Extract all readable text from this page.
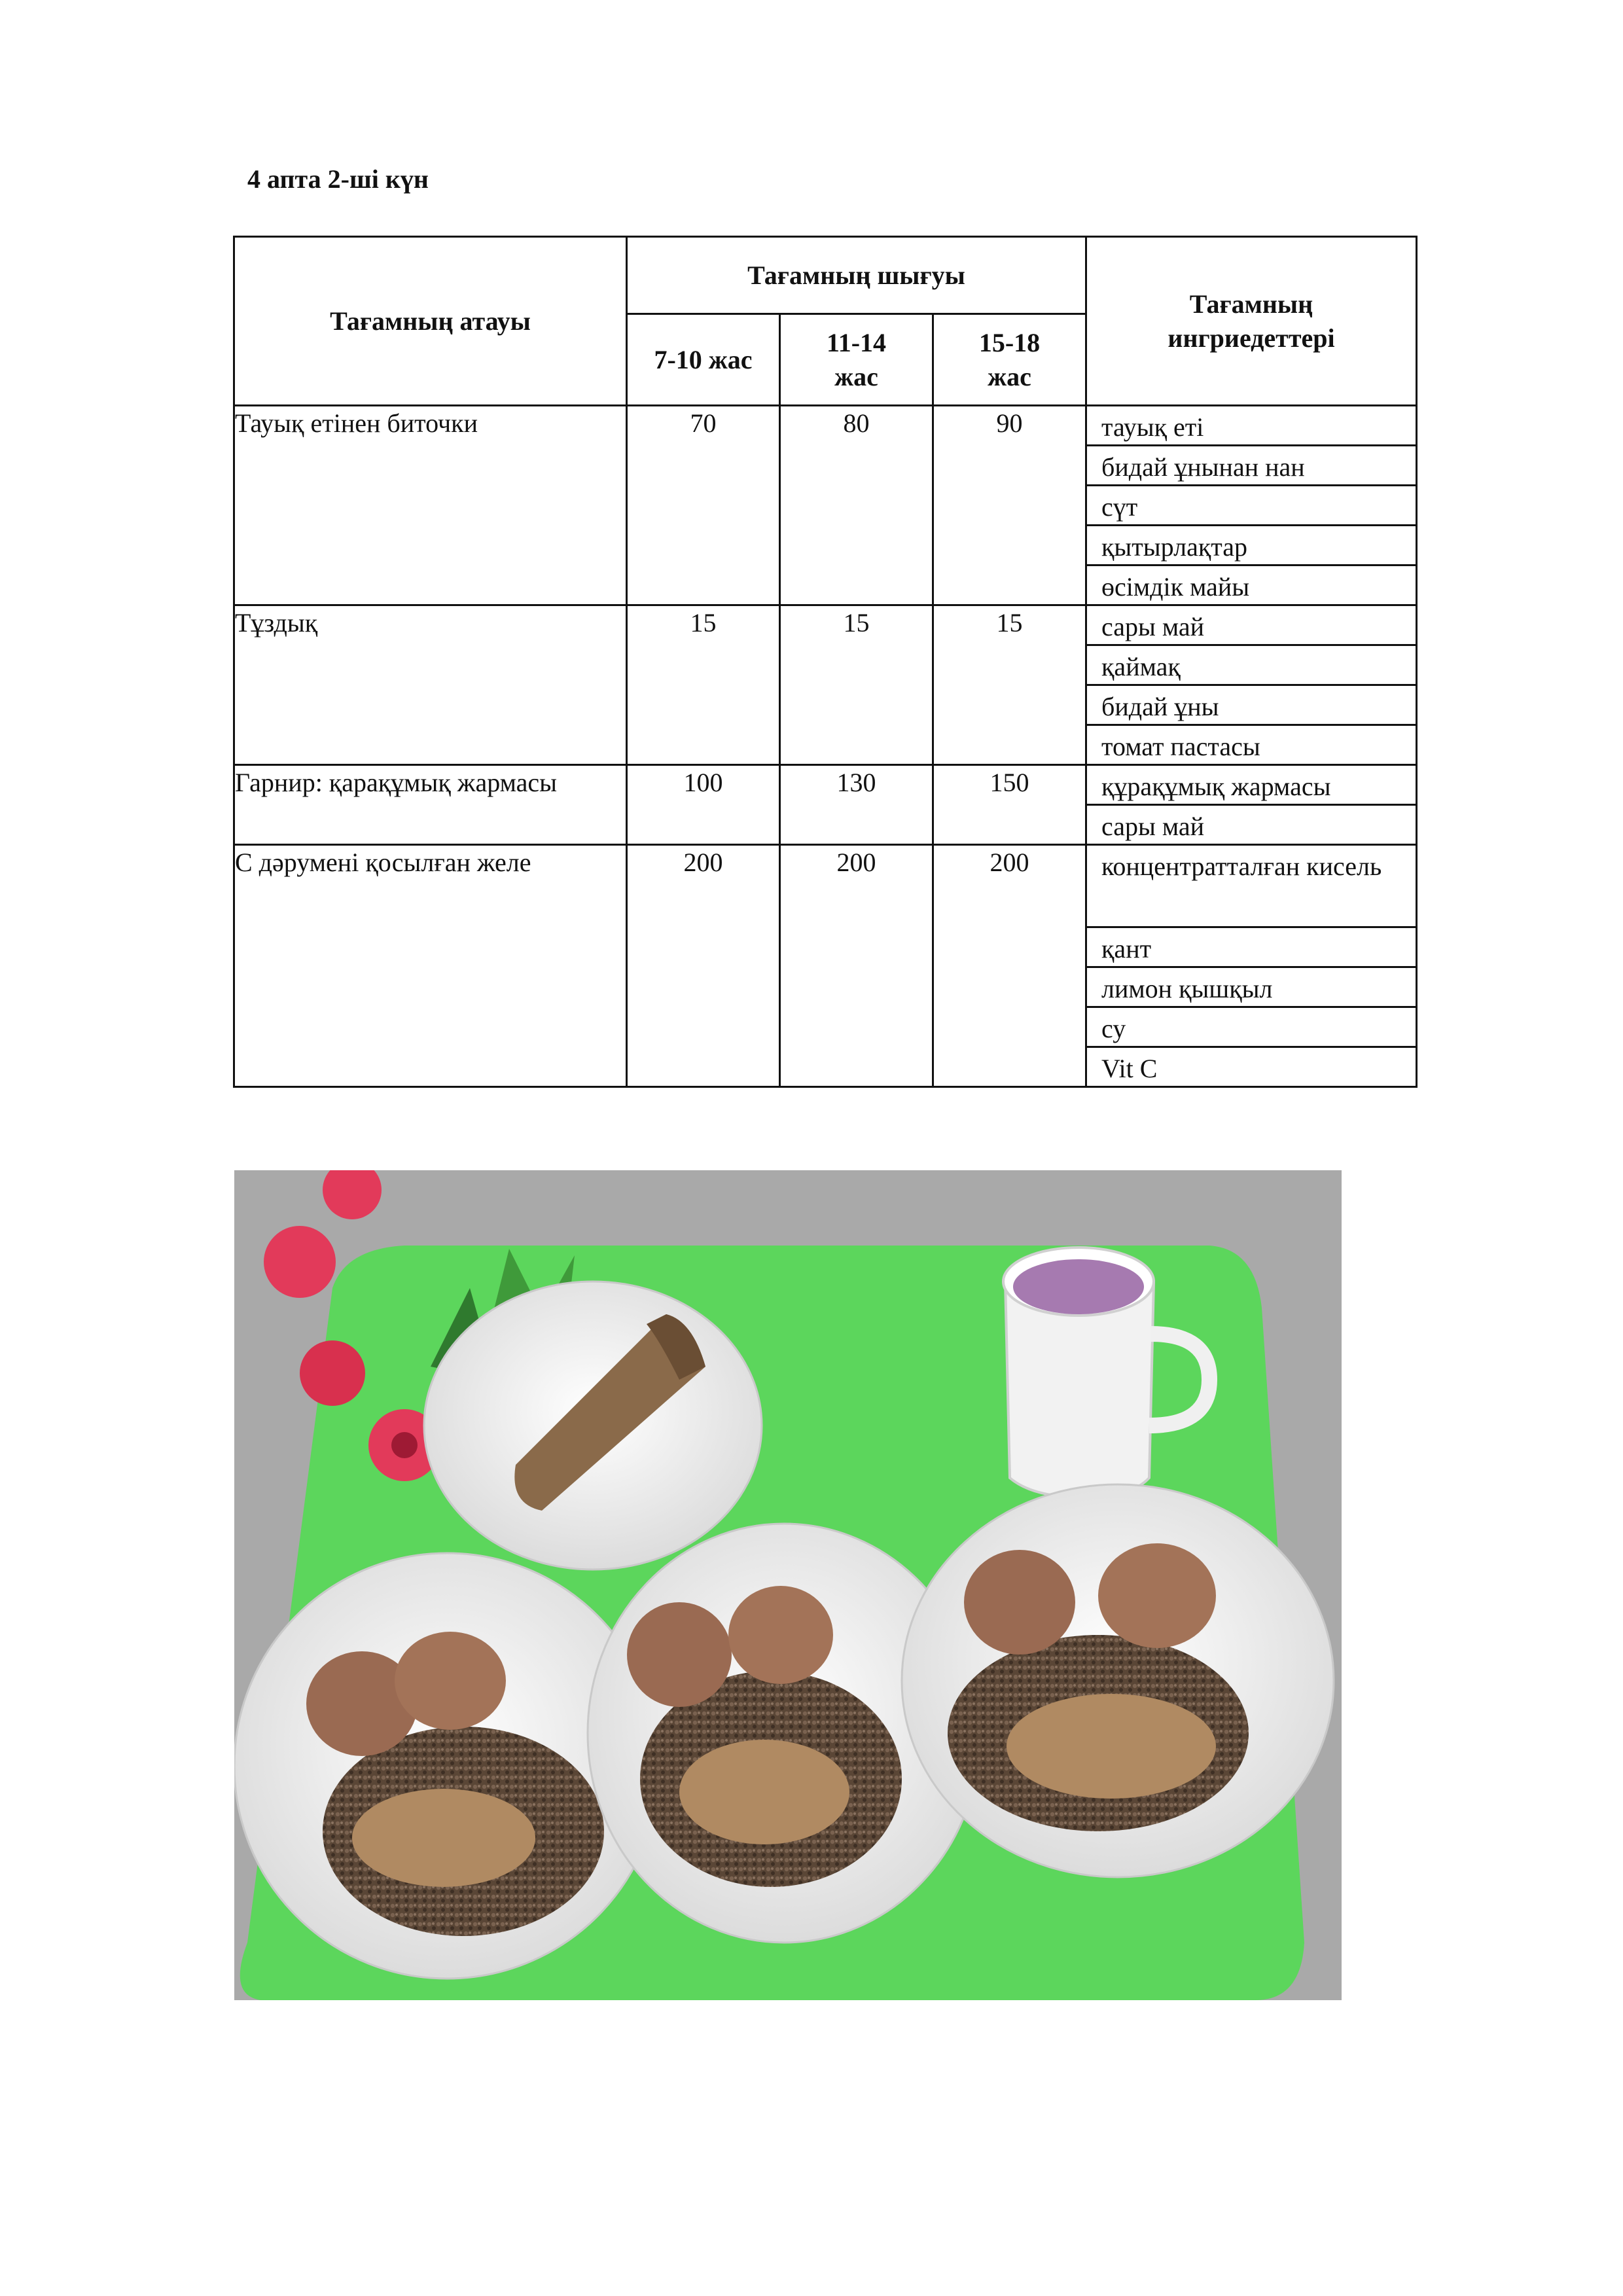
4 апта 2-ші күн
Тағамның атауы	Тағамның шығуы			Тағамның ингриедеттері
	7-10 жас	11-14 жас	15-18 жас	
Тауық етінен биточки	70	80	90	тауық еті
бидай ұнынан нан
сүт
қытырлақтар
өсімдік майы

Тұздық	15	15	15	сары май
қаймақ
бидай ұны
томат пастасы

Гарнир: қарақұмық жармасы	100	130	150	құрақұмық жармасы
сары май

С дәрумені қосылған желе	200	200	200	концентратталған кисель
қант
лимон қышқыл
су
Vit C
